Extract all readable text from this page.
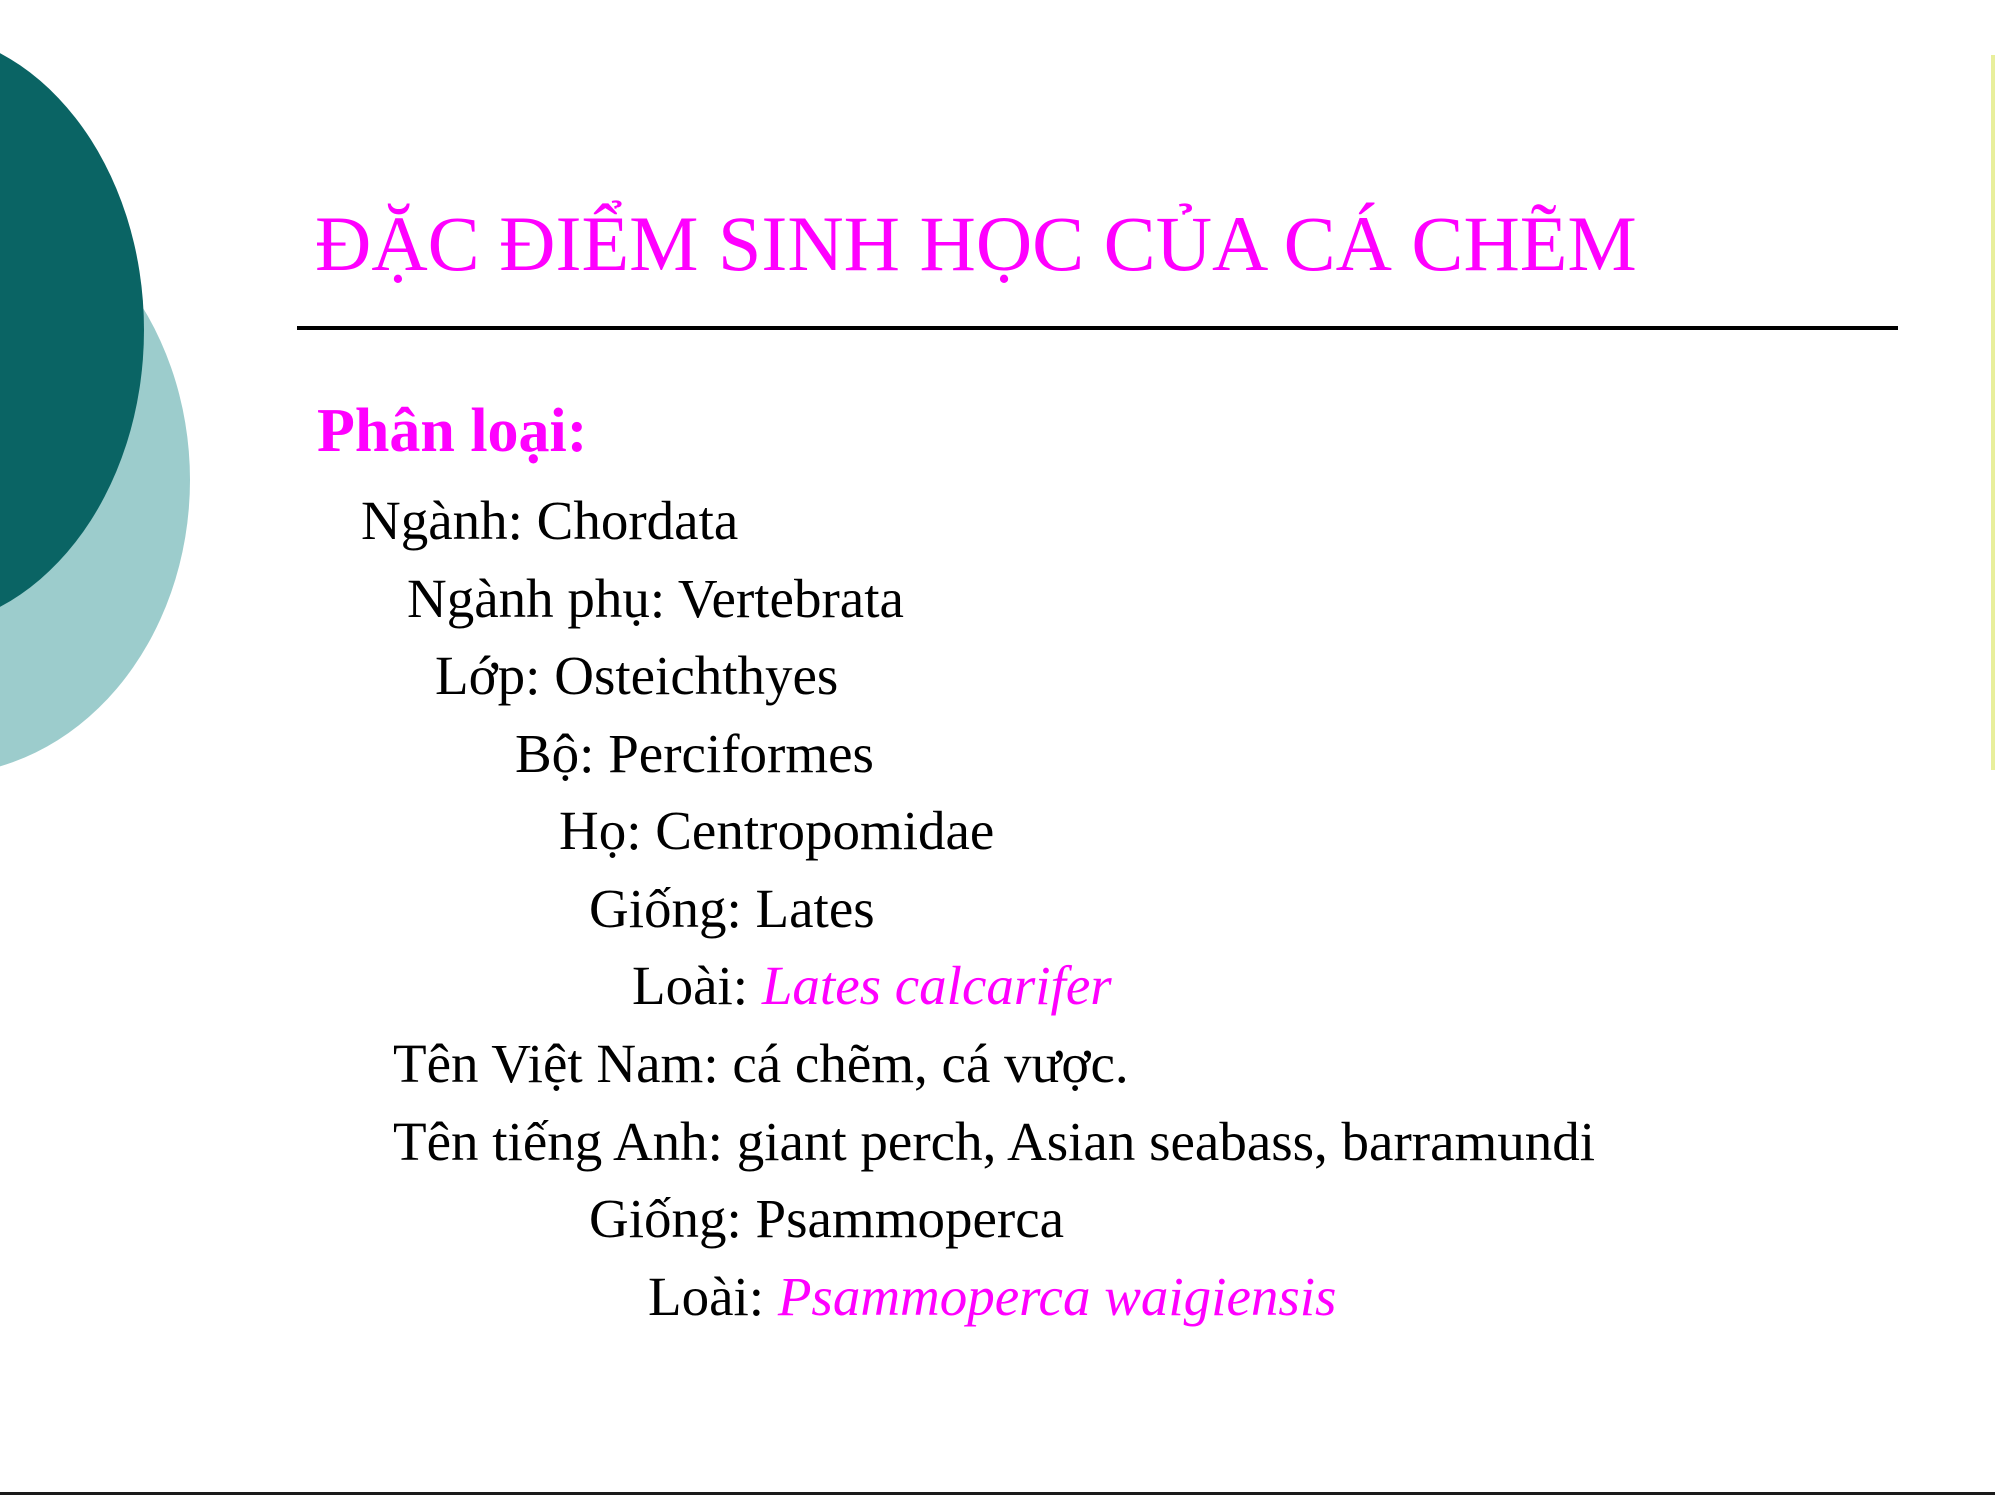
ĐẶC ĐIỂM SINH HỌC CỦA CÁ CHẼM
Phân loại:
Ngành: Chordata
Ngành phụ: Vertebrata
Lớp: Osteichthyes
Bộ: Perciformes
Họ: Centropomidae
Giống: Lates
Loài: Lates calcarifer
Tên Việt Nam: cá chẽm, cá vược.
Tên tiếng Anh: giant perch, Asian seabass, barramundi
Giống: Psammoperca
Loài: Psammoperca waigiensis
